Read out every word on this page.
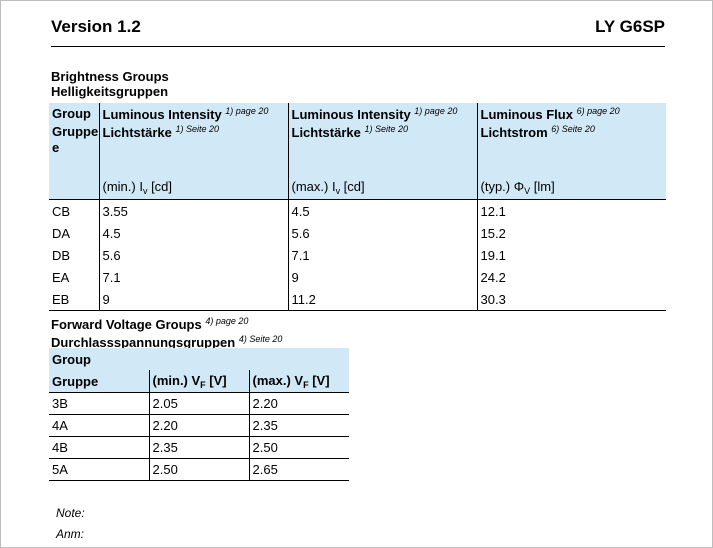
Version 1.2	LY G6SP
Brightness Groups
Helligkeitsgruppen
Group	Luminous Intensity $^{1) page 20}$	Luminous Intensity $^{1) page 20}$	Luminous Flux $^{6) page 20}$
Gruppe
e	Lichtstärke $^{1) Seite 20}$	Lichtstärke $^{1) Seite 20}$	Lichtstrom $^{6) Seite 20}$
	(min.) $I_v$ [cd]	(max.) $I_v$ [cd]	(typ.) $\Phi_V$ [lm]
CB	3.55	4.5	12.1
DA	4.5	5.6	15.2
DB	5.6	7.1	19.1
EA	7.1	9	24.2
EB	9	11.2	30.3
Forward Voltage Groups $^{4) page 20}$
Durchlassspannungsgruppen $^{4) Seite 20}$
Group		
Gruppe	(min.) $V_F$ [V]	(max.) $V_F$ [V]
3B	2.05	2.20
4A	2.20	2.35
4B	2.35	2.50
5A	2.50	2.65
Note:
Anm:
